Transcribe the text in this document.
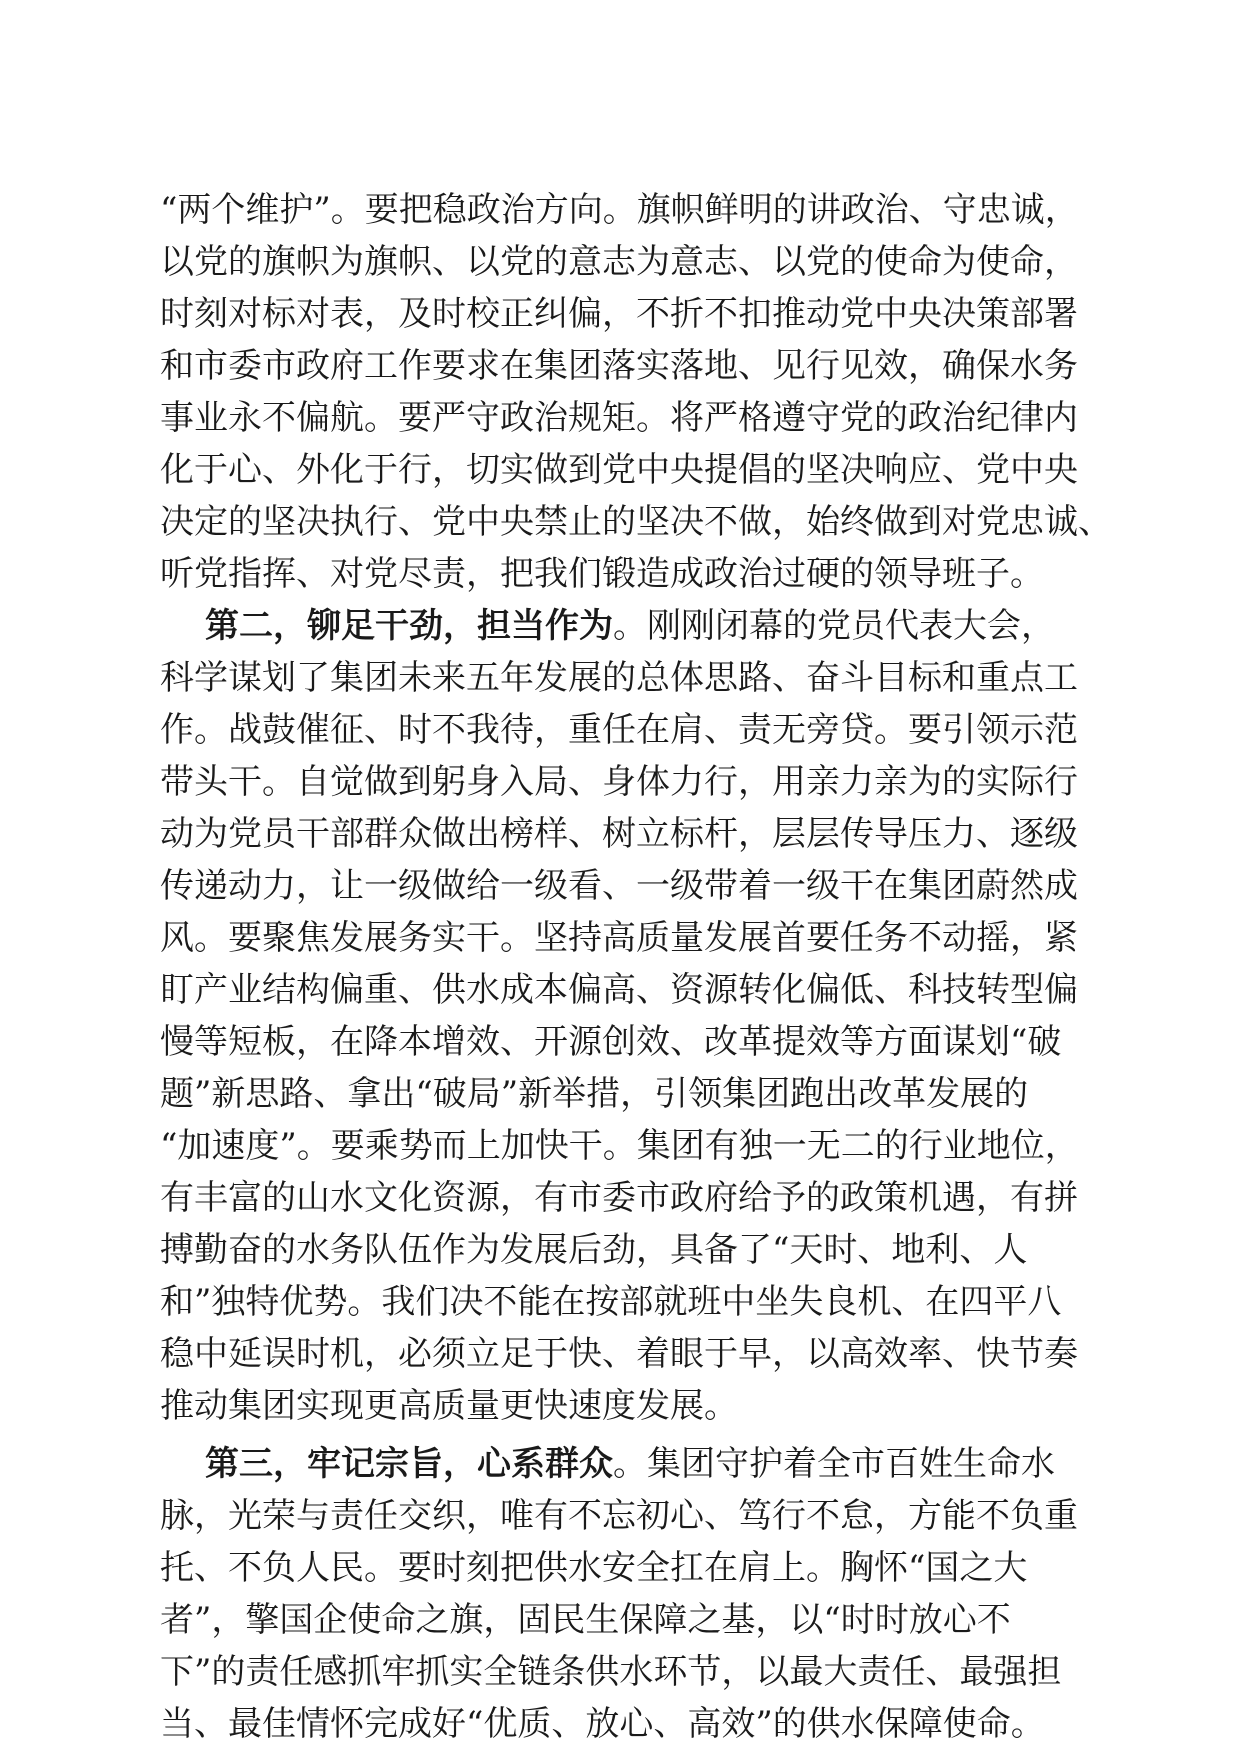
“两个维护”。要把稳政治方向。旗帜鲜明的讲政治、守忠诚，
以党的旗帜为旗帜、以党的意志为意志、以党的使命为使命，
时刻对标对表，及时校正纠偏，不折不扣推动党中央决策部署
和市委市政府工作要求在集团落实落地、见行见效，确保水务
事业永不偏航。要严守政治规矩。将严格遵守党的政治纪律内
化于心、外化于行，切实做到党中央提倡的坚决响应、党中央
决定的坚决执行、党中央禁止的坚决不做，始终做到对党忠诚、
听党指挥、对党尽责，把我们锻造成政治过硬的领导班子。
第二，铆足干劲，担当作为。刚刚闭幕的党员代表大会，
科学谋划了集团未来五年发展的总体思路、奋斗目标和重点工
作。战鼓催征、时不我待，重任在肩、责无旁贷。要引领示范
带头干。自觉做到躬身入局、身体力行，用亲力亲为的实际行
动为党员干部群众做出榜样、树立标杆，层层传导压力、逐级
传递动力，让一级做给一级看、一级带着一级干在集团蔚然成
风。要聚焦发展务实干。坚持高质量发展首要任务不动摇，紧
盯产业结构偏重、供水成本偏高、资源转化偏低、科技转型偏
慢等短板，在降本增效、开源创效、改革提效等方面谋划“破
题”新思路、拿出“破局”新举措，引领集团跑出改革发展的
“加速度”。要乘势而上加快干。集团有独一无二的行业地位，
有丰富的山水文化资源，有市委市政府给予的政策机遇，有拼
搏勤奋的水务队伍作为发展后劲，具备了“天时、地利、人
和”独特优势。我们决不能在按部就班中坐失良机、在四平八
稳中延误时机，必须立足于快、着眼于早，以高效率、快节奏
推动集团实现更高质量更快速度发展。
第三，牢记宗旨，心系群众。集团守护着全市百姓生命水
脉，光荣与责任交织，唯有不忘初心、笃行不怠，方能不负重
托、不负人民。要时刻把供水安全扛在肩上。胸怀“国之大
者”，擎国企使命之旗，固民生保障之基，以“时时放心不
下”的责任感抓牢抓实全链条供水环节，以最大责任、最强担
当、最佳情怀完成好“优质、放心、高效”的供水保障使命。
